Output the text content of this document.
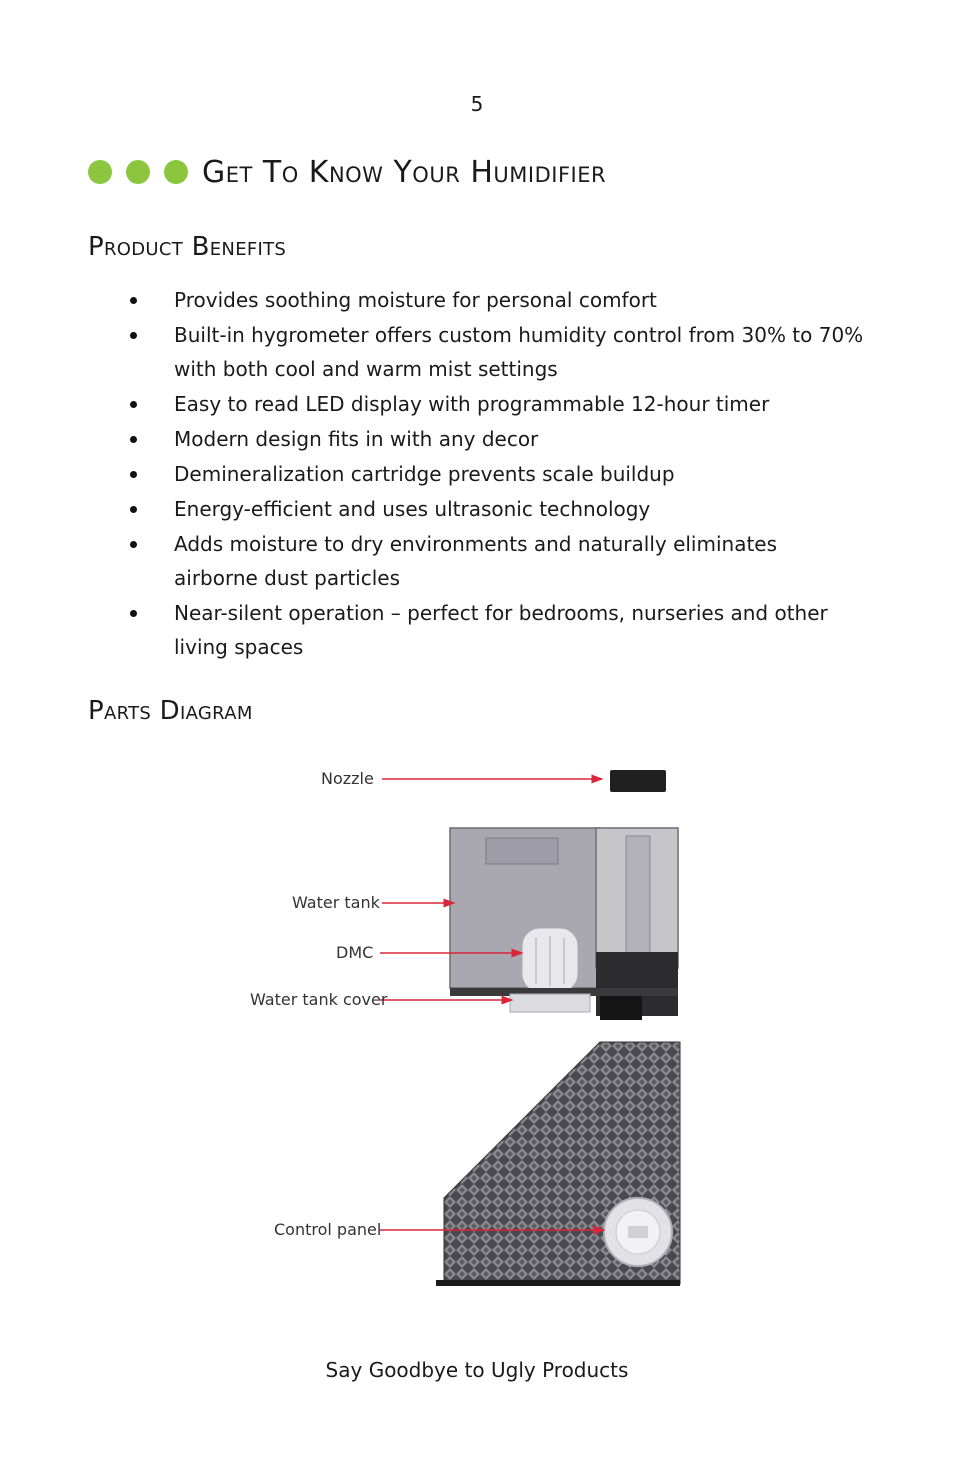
5
Get To Know Your Humidifier
Product Benefits
Provides soothing moisture for personal comfort
Built-in hygrometer offers custom humidity control from 30% to 70% with both cool and warm mist settings
Easy to read LED display with programmable 12-hour timer
Modern design fits in with any decor
Demineralization cartridge prevents scale buildup
Energy-efficient and uses ultrasonic technology
Adds moisture to dry environments and naturally eliminates airborne dust particles
Near-silent operation – perfect for bedrooms, nurseries and other living spaces
Parts Diagram
Nozzle
Water tank
DMC
Water tank cover
Control panel
Say Goodbye to Ugly Products
